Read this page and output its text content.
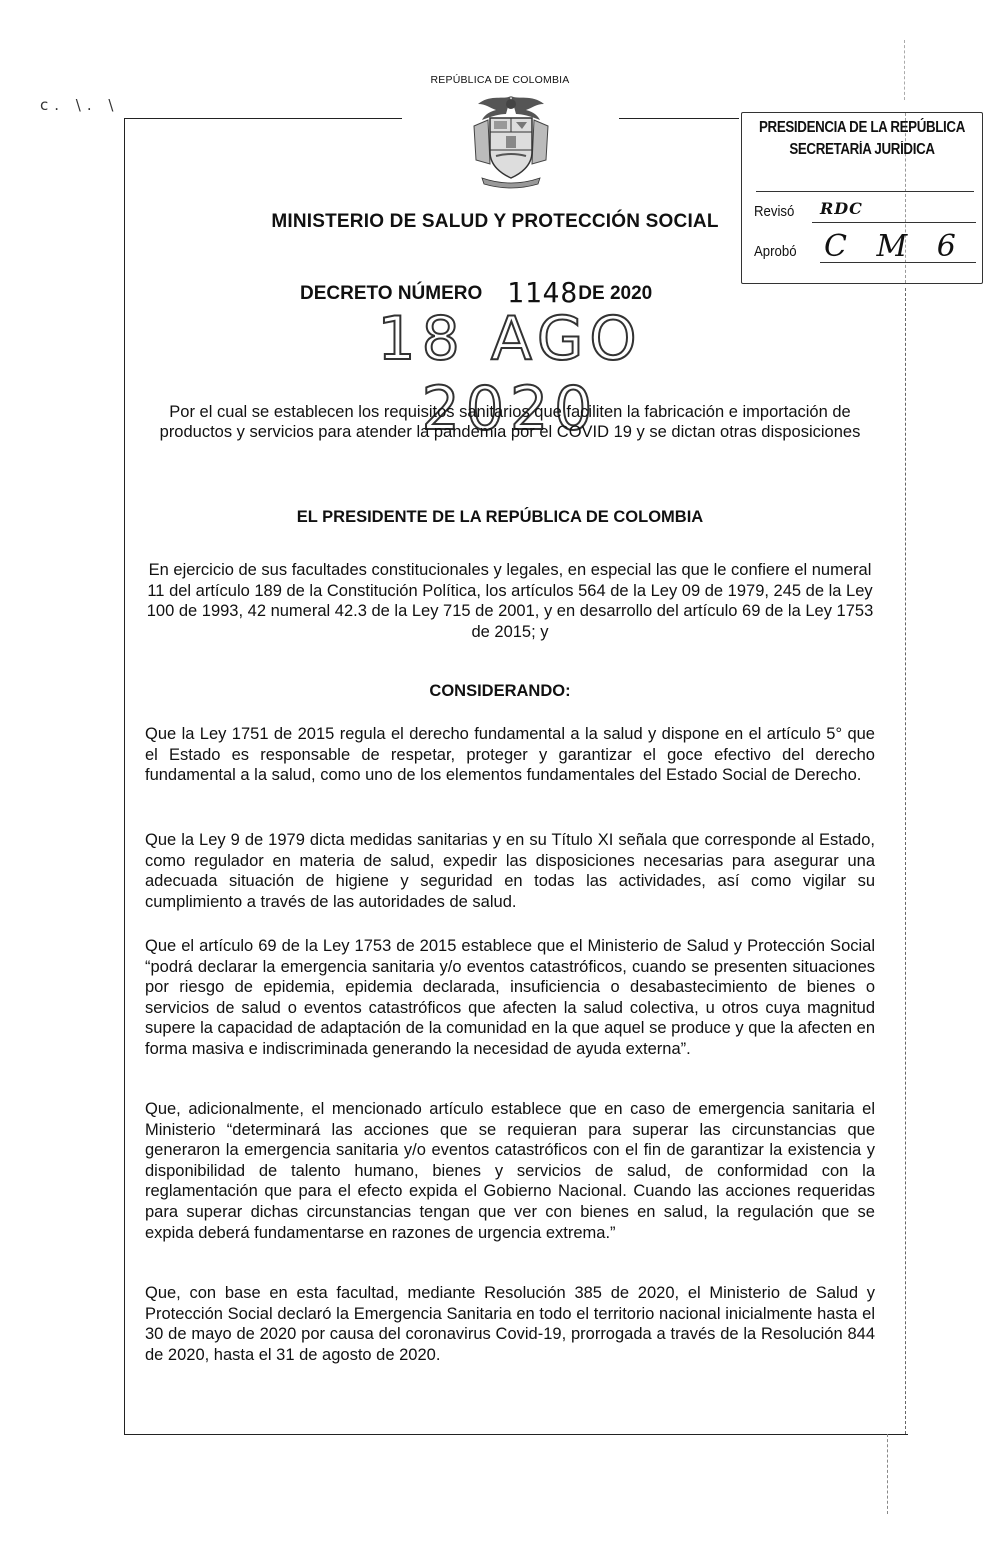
c. \. \
REPÚBLICA DE COLOMBIA
MINISTERIO DE SALUD Y PROTECCIÓN SOCIAL
DECRETO NÚMERO 1148DE 2020
18 AGO 2020
PRESIDENCIA DE LA REPÚBLICA
SECRETARÍA JURÍDICA
Revisó RDC
Aprobó C M 6
Por el cual se establecen los requisitos sanitarios que faciliten la fabricación e importación de productos y servicios para atender la pandemia por el COVID 19 y se dictan otras disposiciones
EL PRESIDENTE DE LA REPÚBLICA DE COLOMBIA
En ejercicio de sus facultades constitucionales y legales, en especial las que le confiere el numeral 11 del artículo 189 de la Constitución Política, los artículos 564 de la Ley 09 de 1979, 245 de la Ley 100 de 1993, 42 numeral 42.3 de la Ley 715 de 2001, y en desarrollo del artículo 69 de la Ley 1753 de 2015; y
CONSIDERANDO:
Que la Ley 1751 de 2015 regula el derecho fundamental a la salud y dispone en el artículo 5° que el Estado es responsable de respetar, proteger y garantizar el goce efectivo del derecho fundamental a la salud, como uno de los elementos fundamentales del Estado Social de Derecho.
Que la Ley 9 de 1979 dicta medidas sanitarias y en su Título XI señala que corresponde al Estado, como regulador en materia de salud, expedir las disposiciones necesarias para asegurar una adecuada situación de higiene y seguridad en todas las actividades, así como vigilar su cumplimiento a través de las autoridades de salud.
Que el artículo 69 de la Ley 1753 de 2015 establece que el Ministerio de Salud y Protección Social “podrá declarar la emergencia sanitaria y/o eventos catastróficos, cuando se presenten situaciones por riesgo de epidemia, epidemia declarada, insuficiencia o desabastecimiento de bienes o servicios de salud o eventos catastróficos que afecten la salud colectiva, u otros cuya magnitud supere la capacidad de adaptación de la comunidad en la que aquel se produce y que la afecten en forma masiva e indiscriminada generando la necesidad de ayuda externa”.
Que, adicionalmente, el mencionado artículo establece que en caso de emergencia sanitaria el Ministerio “determinará las acciones que se requieran para superar las circunstancias que generaron la emergencia sanitaria y/o eventos catastróficos con el fin de garantizar la existencia y disponibilidad de talento humano, bienes y servicios de salud, de conformidad con la reglamentación que para el efecto expida el Gobierno Nacional. Cuando las acciones requeridas para superar dichas circunstancias tengan que ver con bienes en salud, la regulación que se expida deberá fundamentarse en razones de urgencia extrema.”
Que, con base en esta facultad, mediante Resolución 385 de 2020, el Ministerio de Salud y Protección Social declaró la Emergencia Sanitaria en todo el territorio nacional inicialmente hasta el 30 de mayo de 2020 por causa del coronavirus Covid-19, prorrogada a través de la Resolución 844 de 2020, hasta el 31 de agosto de 2020.
